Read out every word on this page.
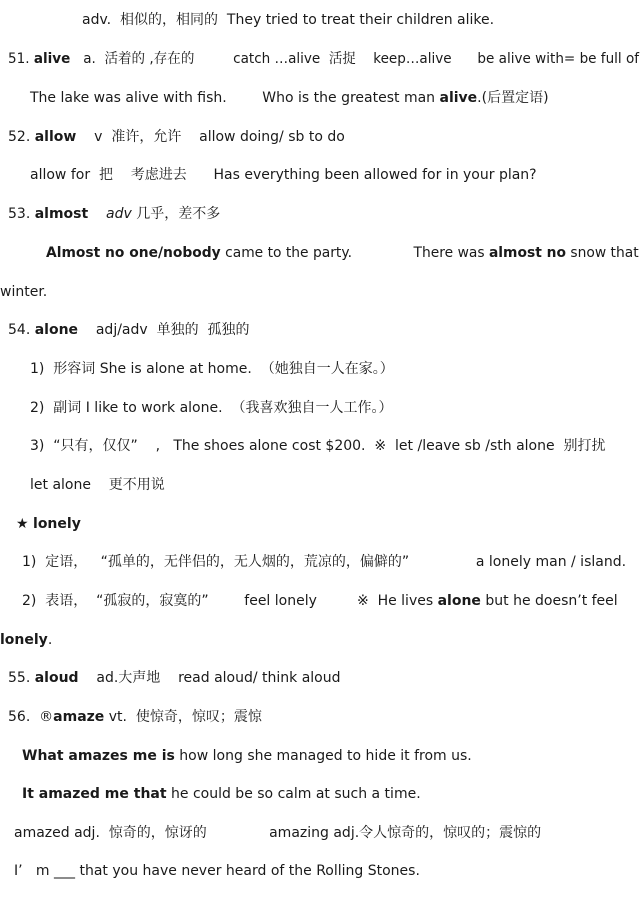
adv.  相似的，相同的  They tried to treat their children alike.
51. alive   a.  活着的 ,存在的         catch …alive  活捉    keep…alive      be alive with= be full of
The lake was alive with fish.        Who is the greatest man alive.(后置定语)
52. allow    v  准许，允许    allow doing/ sb to do
allow for  把    考虑进去      Has everything been allowed for in your plan?
53. almost adv 几乎，差不多
Almost no one/nobody came to the party.              There was almost no snow that
winter.
54. alone    adj/adv  单独的  孤独的
1)  形容词 She is alone at home.  （她独自一人在家。）
2)  副词 I like to work alone.  （我喜欢独自一人工作。）
3)  “只有，仅仅”    ,   The shoes alone cost $200.  ※  let /leave sb /sth alone  别打扰
let alone    更不用说
★ lonely
1)  定语，   “孤单的，无伴侣的，无人烟的，荒凉的，偏僻的”               a lonely man / island.
2)  表语，  “孤寂的，寂寞的”        feel lonely         ※  He lives alone but he doesn’t feel
lonely.
55. aloud    ad.大声地    read aloud/ think aloud
56.  ®amaze vt.  使惊奇，惊叹；震惊
What amazes me is how long she managed to hide it from us.
It amazed me that he could be so calm at such a time.
amazed adj.  惊奇的，惊讶的              amazing adj.令人惊奇的，惊叹的；震惊的
I’   m ___ that you have never heard of the Rolling Stones.
